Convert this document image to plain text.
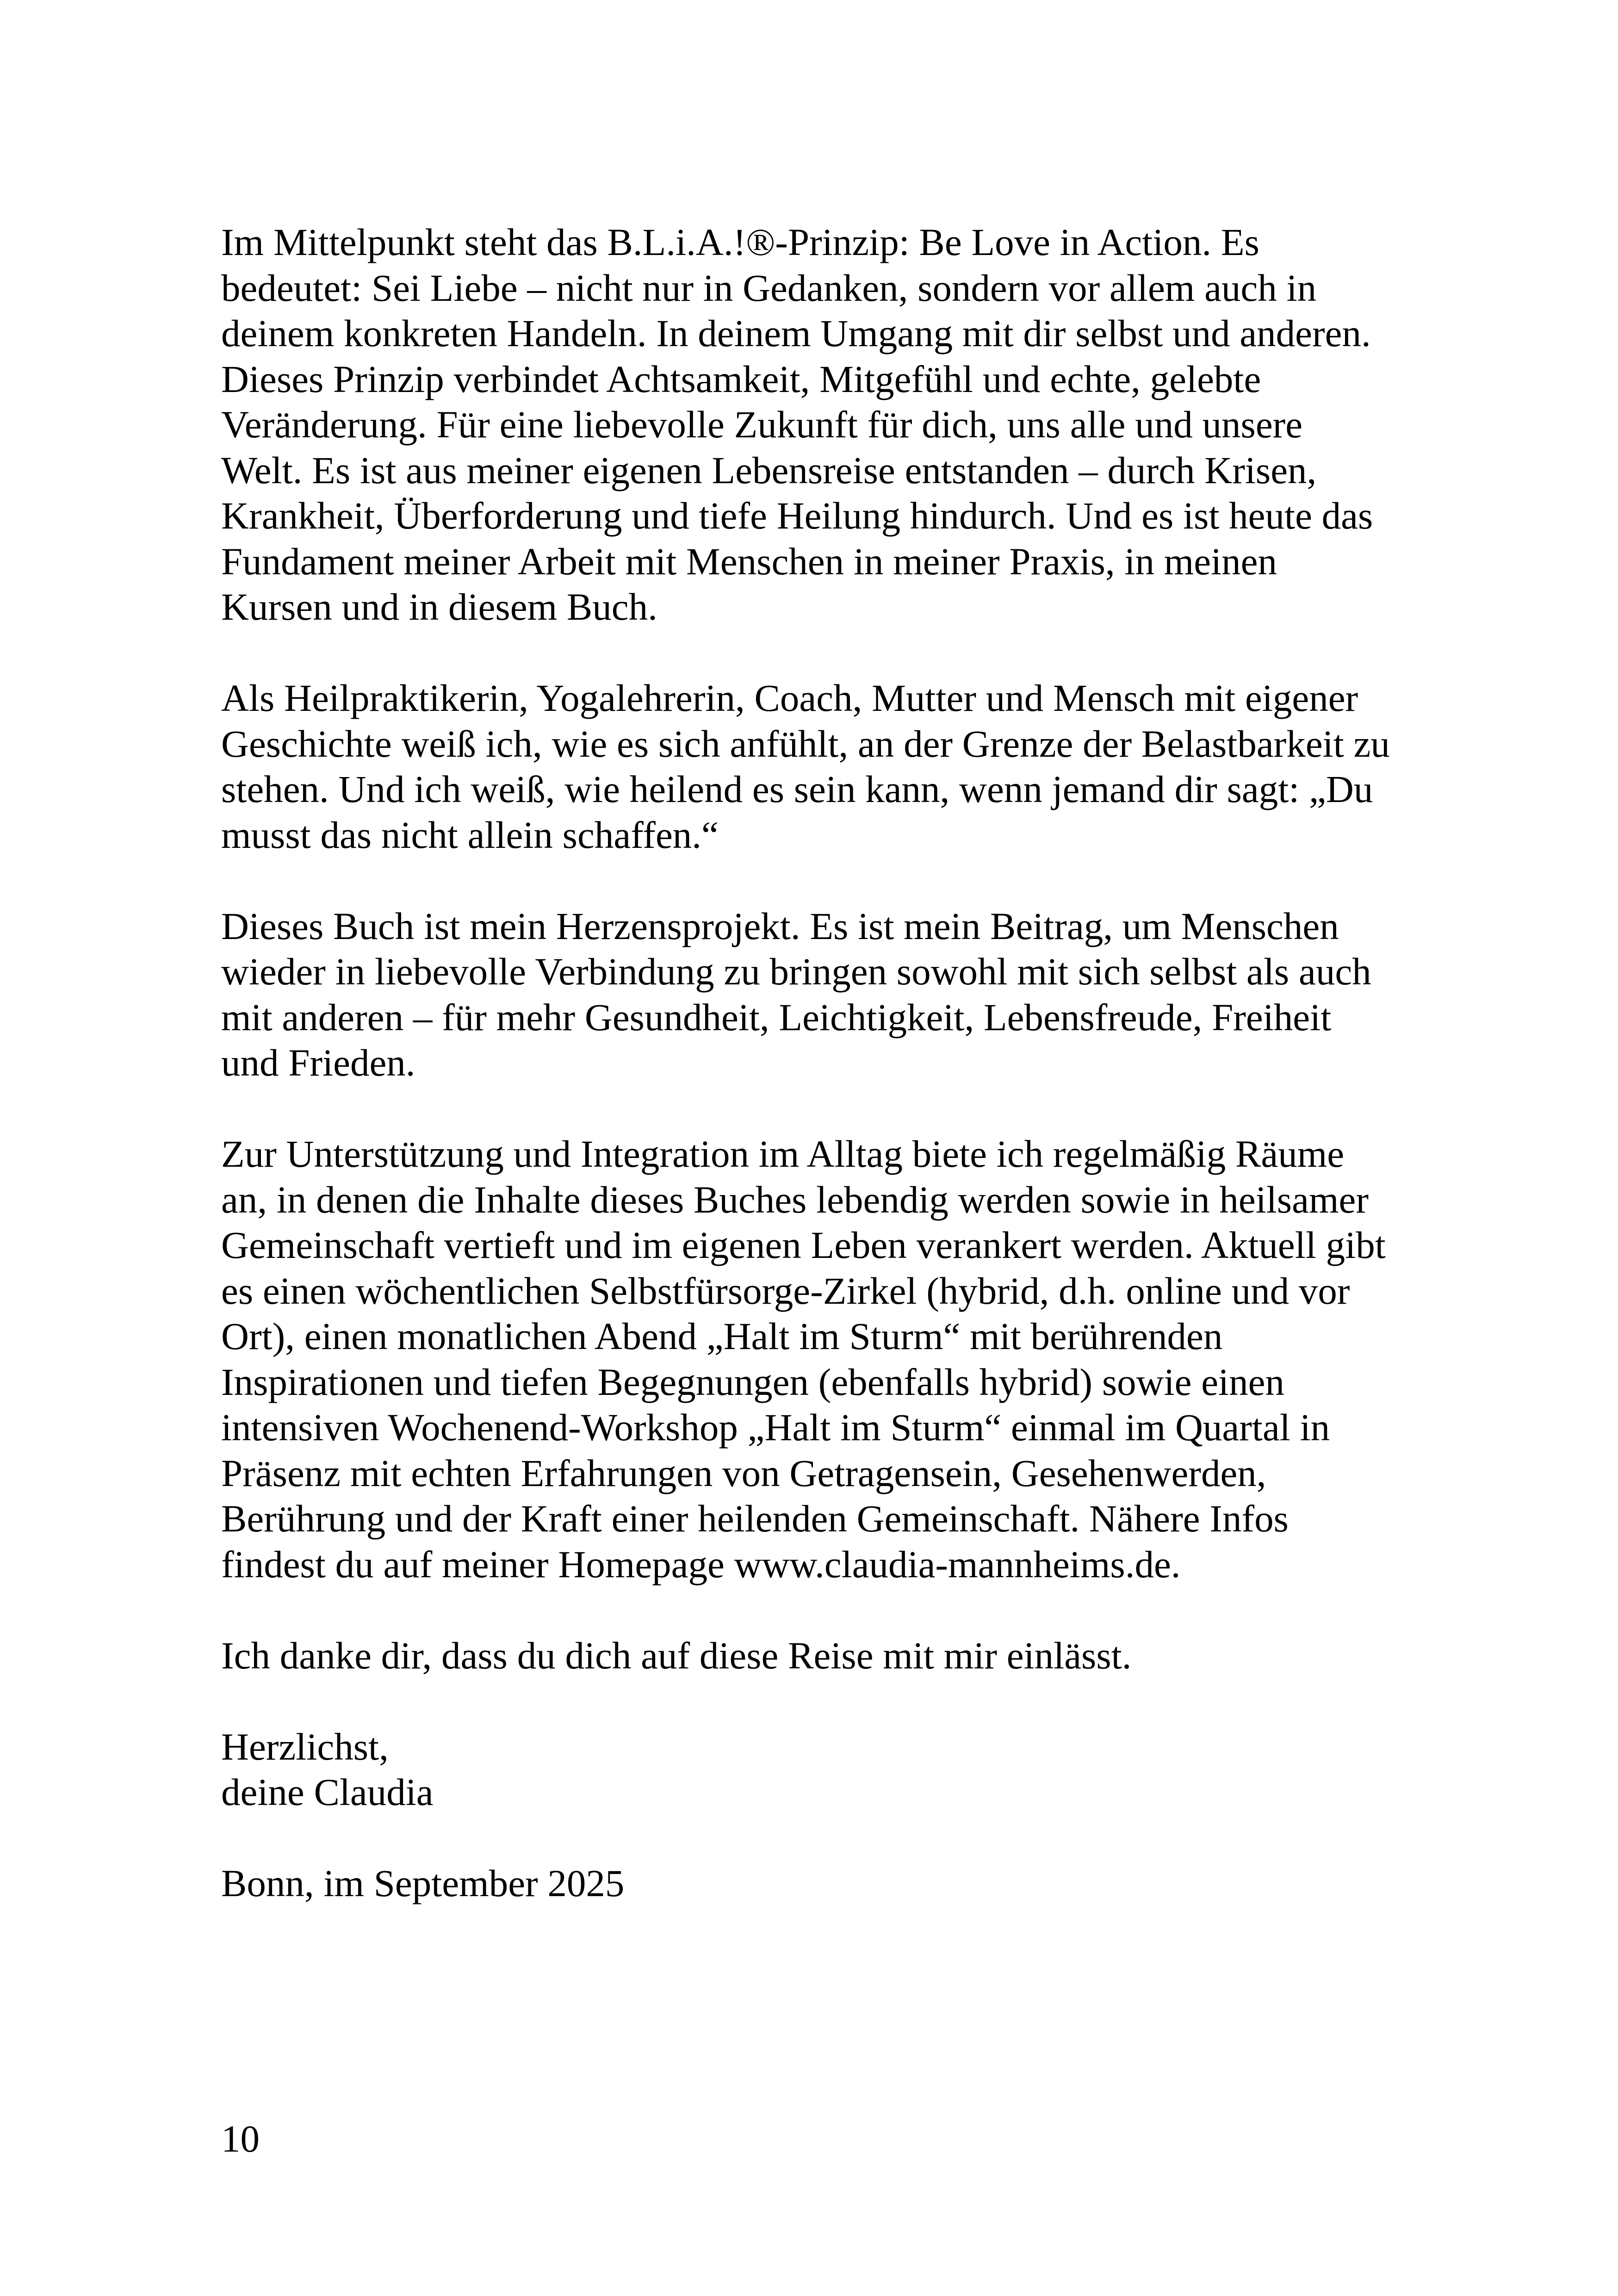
Im Mittelpunkt steht das B.L.i.A.!®-Prinzip: Be Love in Action. Es
bedeutet: Sei Liebe – nicht nur in Gedanken, sondern vor allem auch in
deinem konkreten Handeln. In deinem Umgang mit dir selbst und anderen.
Dieses Prinzip verbindet Achtsamkeit, Mitgefühl und echte, gelebte
Veränderung. Für eine liebevolle Zukunft für dich, uns alle und unsere
Welt. Es ist aus meiner eigenen Lebensreise entstanden – durch Krisen,
Krankheit, Überforderung und tiefe Heilung hindurch. Und es ist heute das
Fundament meiner Arbeit mit Menschen in meiner Praxis, in meinen
Kursen und in diesem Buch.
Als Heilpraktikerin, Yogalehrerin, Coach, Mutter und Mensch mit eigener
Geschichte weiß ich, wie es sich anfühlt, an der Grenze der Belastbarkeit zu
stehen. Und ich weiß, wie heilend es sein kann, wenn jemand dir sagt: „Du
musst das nicht allein schaffen.“
Dieses Buch ist mein Herzensprojekt. Es ist mein Beitrag, um Menschen
wieder in liebevolle Verbindung zu bringen sowohl mit sich selbst als auch
mit anderen – für mehr Gesundheit, Leichtigkeit, Lebensfreude, Freiheit
und Frieden.
Zur Unterstützung und Integration im Alltag biete ich regelmäßig Räume
an, in denen die Inhalte dieses Buches lebendig werden sowie in heilsamer
Gemeinschaft vertieft und im eigenen Leben verankert werden. Aktuell gibt
es einen wöchentlichen Selbstfürsorge-Zirkel (hybrid, d.h. online und vor
Ort), einen monatlichen Abend „Halt im Sturm“ mit berührenden
Inspirationen und tiefen Begegnungen (ebenfalls hybrid) sowie einen
intensiven Wochenend-Workshop „Halt im Sturm“ einmal im Quartal in
Präsenz mit echten Erfahrungen von Getragensein, Gesehenwerden,
Berührung und der Kraft einer heilenden Gemeinschaft. Nähere Infos
findest du auf meiner Homepage www.claudia-mannheims.de.
Ich danke dir, dass du dich auf diese Reise mit mir einlässt.
Herzlichst,
deine Claudia
Bonn, im September 2025
10
